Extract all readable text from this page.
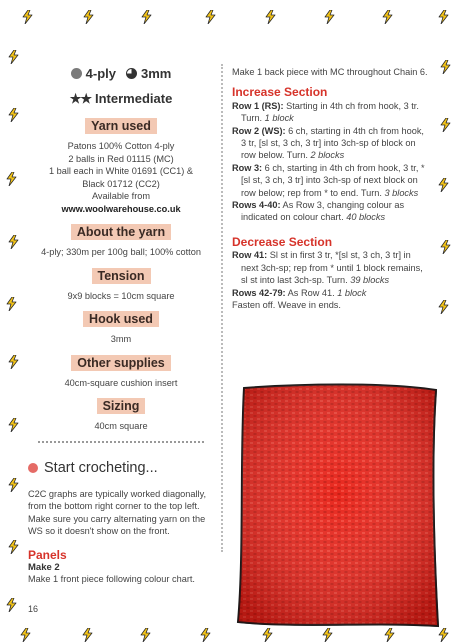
4-ply 3mm
★★ Intermediate
Yarn used
Patons 100% Cotton 4-ply
2 balls in Red 01115 (MC)
1 ball each in White 01691 (CC1) &
Black 01712 (CC2)
Available from
www.woolwarehouse.co.uk
About the yarn
4-ply; 330m per 100g ball; 100% cotton
Tension
9x9 blocks = 10cm square
Hook used
3mm
Other supplies
40cm-square cushion insert
Sizing
40cm square
Start crocheting...
C2C graphs are typically worked diagonally, from the bottom right corner to the top left. Make sure you carry alternating yarn on the WS so it doesn't show on the front.
Panels
Make 2
Make 1 front piece following colour chart.
16
Make 1 back piece with MC throughout Chain 6.
Increase Section

Row 1 (RS): Starting in 4th ch from hook, 3 tr. Turn. 1 block

Row 2 (WS): 6 ch, starting in 4th ch from hook, 3 tr, [sl st, 3 ch, 3 tr] into 3ch-sp of block on row below. Turn. 2 blocks

Row 3: 6 ch, starting in 4th ch from hook, 3 tr, *[sl st, 3 ch, 3 tr] into 3ch-sp of next block on row below; rep from * to end. Turn. 3 blocks

Rows 4-40: As Row 3, changing colour as indicated on colour chart. 40 blocks

Decrease Section

Row 41: Sl st in first 3 tr, *[sl st, 3 ch, 3 tr] in next 3ch-sp; rep from * until 1 block remains, sl st into last 3ch-sp. Turn. 39 blocks

Rows 42-79: As Row 41. 1 block

Fasten off. Weave in ends.
